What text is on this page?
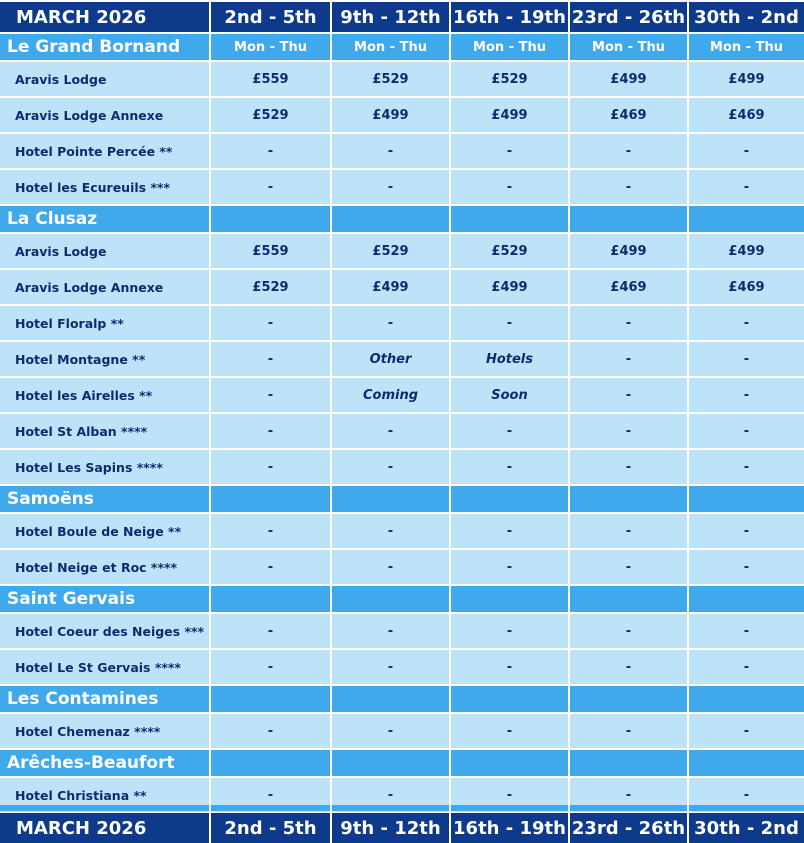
MARCH 2026	2nd - 5th	9th - 12th 16th - 19th 23rd - 26th 30th - 2nd
Le Grand Bornand	Mon - Thu	Mon - Thu	Mon - Thu	Mon - Thu	Mon - Thu
Aravis Lodge	£559	£529	£529	£499	£499
Aravis Lodge Annexe	£529	£499	£499	£469	£469
Hotel Pointe Percée **	-	-	-	-	-
Hotel les Ecureuils ***	-	-	-	-	-
La Clusaz
Aravis Lodge	£559	£529	£529	£499	£499
Aravis Lodge Annexe	£529	£499	£499	£469	£469
Hotel Floralp **	-	-	-	-	-
Hotel Montagne **	-	Other	Hotels	-	-
Hotel les Airelles **	-	Coming	Soon	-	-
Hotel St Alban ****	-	-	-	-	-
Hotel Les Sapins ****	-	-	-	-	-
Samoëns
Hotel Boule de Neige **	-	-	-	-	-
Hotel Neige et Roc ****	-	-	-	-	-
Saint Gervais
Hotel Coeur des Neiges ***	-	-	-	-	-
Hotel Le St Gervais ****	-	-	-	-	-
Les Contamines
Hotel Chemenaz ****	-	-	-	-	-
Arêches-Beaufort
Hotel Christiana **	-	-	-	-	-
MARCH 2026	2nd - 5th	9th - 12th 16th - 19th 23rd - 26th 30th - 2nd
